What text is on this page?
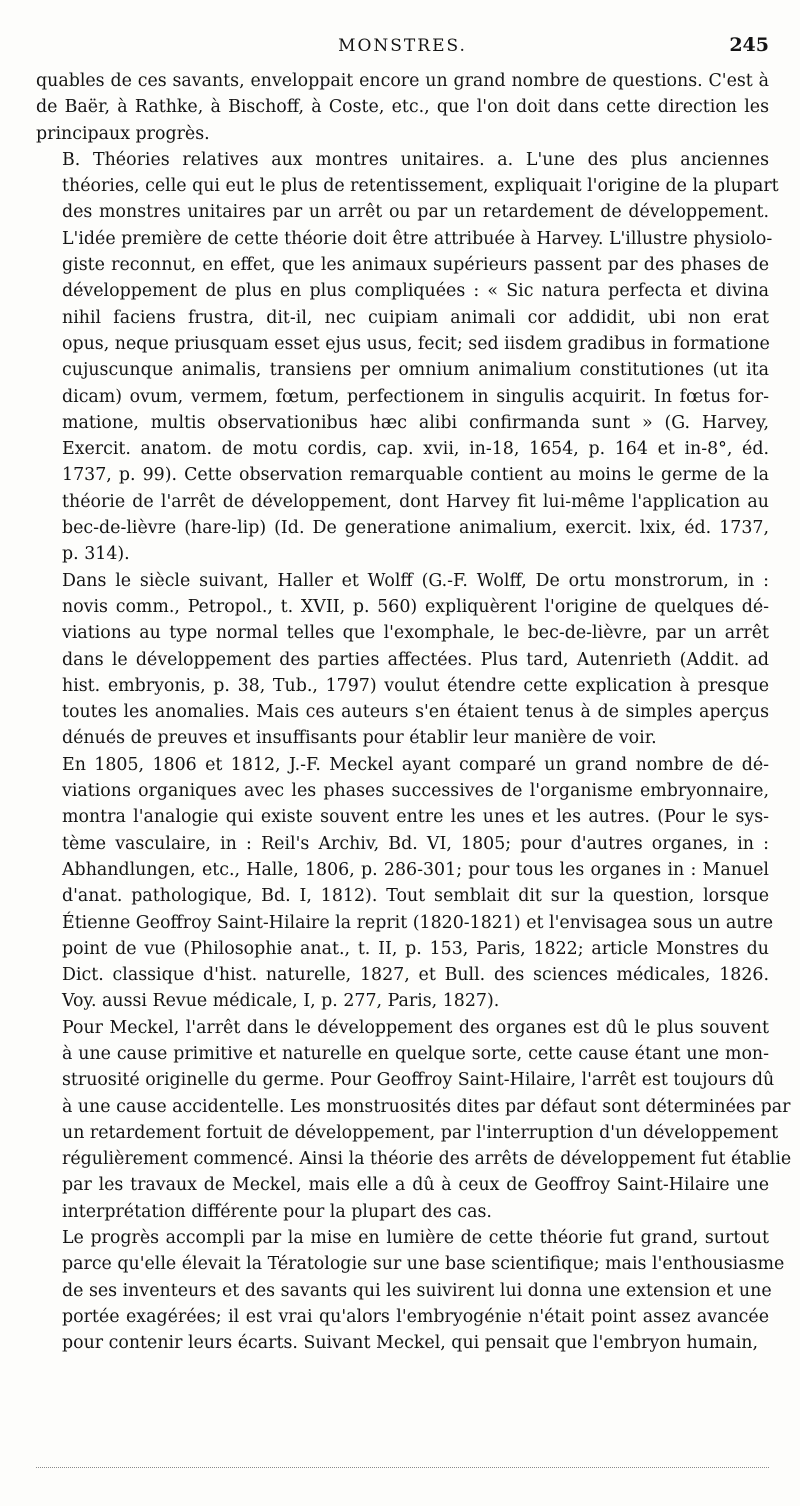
MONSTRES.	245

quables de ces savants, enveloppait encore un grand nombre de questions. C'est à
de Baër, à Rathke, à Bischoff, à Coste, etc., que l'on doit dans cette direction les
principaux progrès.

B. Théories relatives aux montres unitaires. a. L'une des plus anciennes
théories, celle qui eut le plus de retentissement, expliquait l'origine de la plupart
des monstres unitaires par un arrêt ou par un retardement de développement.
L'idée première de cette théorie doit être attribuée à Harvey. L'illustre physiolo-
giste reconnut, en effet, que les animaux supérieurs passent par des phases de
développement de plus en plus compliquées : « Sic natura perfecta et divina
nihil faciens frustra, dit-il, nec cuipiam animali cor addidit, ubi non erat
opus, neque priusquam esset ejus usus, fecit; sed iisdem gradibus in formatione
cujuscunque animalis, transiens per omnium animalium constitutiones (ut ita
dicam) ovum, vermem, fœtum, perfectionem in singulis acquirit. In fœtus for-
matione, multis observationibus hæc alibi confirmanda sunt » (G. Harvey,
Exercit. anatom. de motu cordis, cap. xvii, in-18, 1654, p. 164 et in-8°, éd.
1737, p. 99). Cette observation remarquable contient au moins le germe de la
théorie de l'arrêt de développement, dont Harvey fit lui-même l'application au
bec-de-lièvre (hare-lip) (Id. De generatione animalium, exercit. lxix, éd. 1737,
p. 314).

Dans le siècle suivant, Haller et Wolff (G.-F. Wolff, De ortu monstrorum, in :
novis comm., Petropol., t. XVII, p. 560) expliquèrent l'origine de quelques dé-
viations au type normal telles que l'exomphale, le bec-de-lièvre, par un arrêt
dans le développement des parties affectées. Plus tard, Autenrieth (Addit. ad
hist. embryonis, p. 38, Tub., 1797) voulut étendre cette explication à presque
toutes les anomalies. Mais ces auteurs s'en étaient tenus à de simples aperçus
dénués de preuves et insuffisants pour établir leur manière de voir.

En 1805, 1806 et 1812, J.-F. Meckel ayant comparé un grand nombre de dé-
viations organiques avec les phases successives de l'organisme embryonnaire,
montra l'analogie qui existe souvent entre les unes et les autres. (Pour le sys-
tème vasculaire, in : Reil's Archiv, Bd. VI, 1805; pour d'autres organes, in :
Abhandlungen, etc., Halle, 1806, p. 286-301; pour tous les organes in : Manuel
d'anat. pathologique, Bd. I, 1812). Tout semblait dit sur la question, lorsque
Étienne Geoffroy Saint-Hilaire la reprit (1820-1821) et l'envisagea sous un autre
point de vue (Philosophie anat., t. II, p. 153, Paris, 1822; article Monstres du
Dict. classique d'hist. naturelle, 1827, et Bull. des sciences médicales, 1826.
Voy. aussi Revue médicale, I, p. 277, Paris, 1827).

Pour Meckel, l'arrêt dans le développement des organes est dû le plus souvent
à une cause primitive et naturelle en quelque sorte, cette cause étant une mon-
struosité originelle du germe. Pour Geoffroy Saint-Hilaire, l'arrêt est toujours dû
à une cause accidentelle. Les monstruosités dites par défaut sont déterminées par
un retardement fortuit de développement, par l'interruption d'un développement
régulièrement commencé. Ainsi la théorie des arrêts de développement fut établie
par les travaux de Meckel, mais elle a dû à ceux de Geoffroy Saint-Hilaire une
interprétation différente pour la plupart des cas.

Le progrès accompli par la mise en lumière de cette théorie fut grand, surtout
parce qu'elle élevait la Tératologie sur une base scientifique; mais l'enthousiasme
de ses inventeurs et des savants qui les suivirent lui donna une extension et une
portée exagérées; il est vrai qu'alors l'embryogénie n'était point assez avancée
pour contenir leurs écarts. Suivant Meckel, qui pensait que l'embryon humain,
